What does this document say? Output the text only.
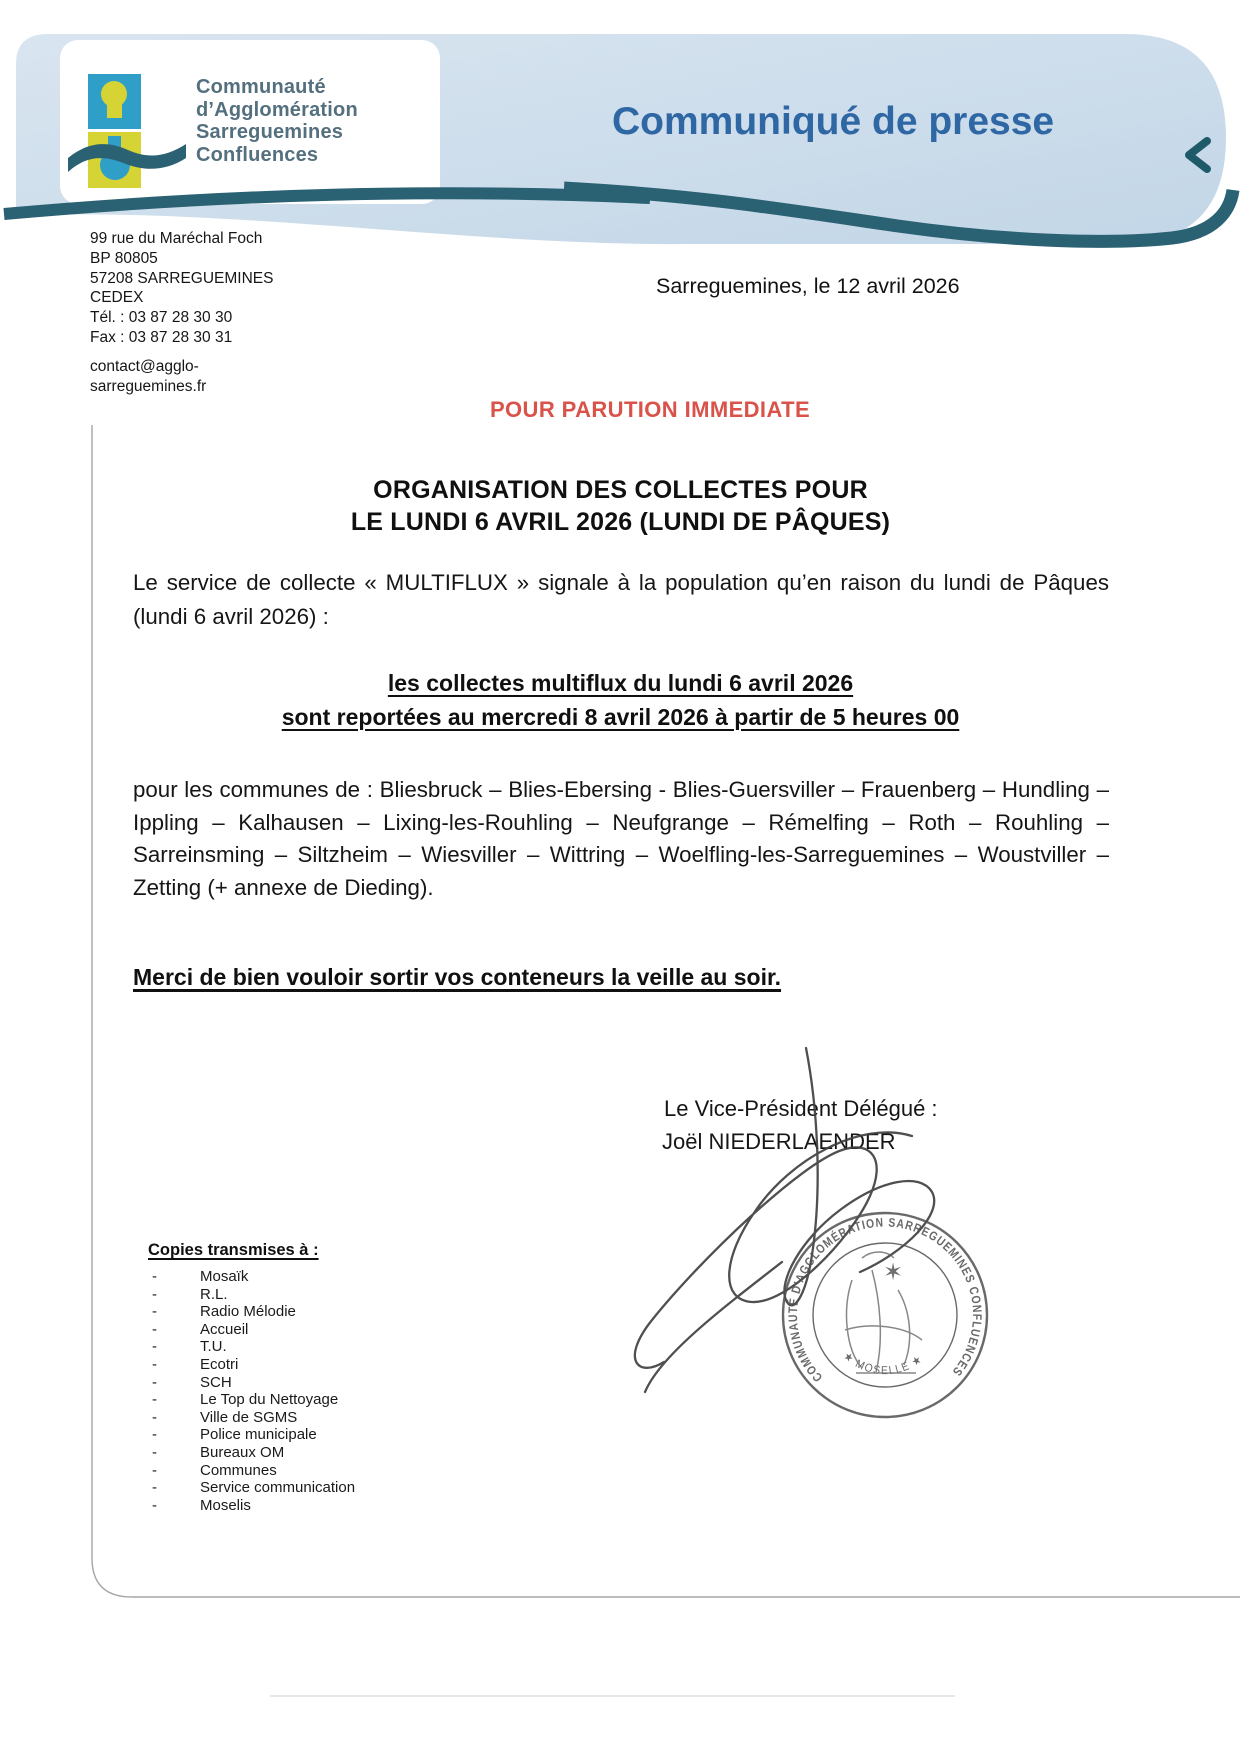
Communauté
d’Agglomération
Sarreguemines
Confluences
Communiqué de presse
99 rue du Maréchal Foch
BP 80805
57208 SARREGUEMINES
CEDEX
Tél. : 03 87 28 30 30
Fax : 03 87 28 30 31
contact@agglo-
sarreguemines.fr
Sarreguemines, le 12 avril 2026
POUR PARUTION IMMEDIATE
ORGANISATION DES COLLECTES POUR
LE LUNDI 6 AVRIL 2026 (LUNDI DE PÂQUES)

Le service de collecte « MULTIFLUX » signale à la population qu’en raison du lundi de Pâques (lundi 6 avril 2026) :

les collectes multiflux du lundi 6 avril 2026
sont reportées au mercredi 8 avril 2026 à partir de 5 heures 00

pour les communes de : Bliesbruck – Blies-Ebersing - Blies-Guersviller – Frauenberg – Hundling – Ippling – Kalhausen – Lixing-les-Rouhling – Neufgrange – Rémelfing – Roth – Rouhling – Sarreinsming – Siltzheim – Wiesviller – Wittring – Woelfling-les-Sarreguemines – Woustviller – Zetting (+ annexe de Dieding).

Merci de bien vouloir sortir vos conteneurs la veille au soir.
Le Vice-Président Délégué :
Joël NIEDERLAENDER
Copies transmises à :
-	Mosaïk
-	R.L.
-	Radio Mélodie
-	Accueil
-	T.U.
-	Ecotri
-	SCH
-	Le Top du Nettoyage
-	Ville de SGMS
-	Police municipale
-	Bureaux OM
-	Communes
-	Service communication
-	Moselis
COMMUNAUTÉ D'AGGLOMÉRATION SARREGUEMINES CONFLUENCES
★ MOSELLE ★
✶
